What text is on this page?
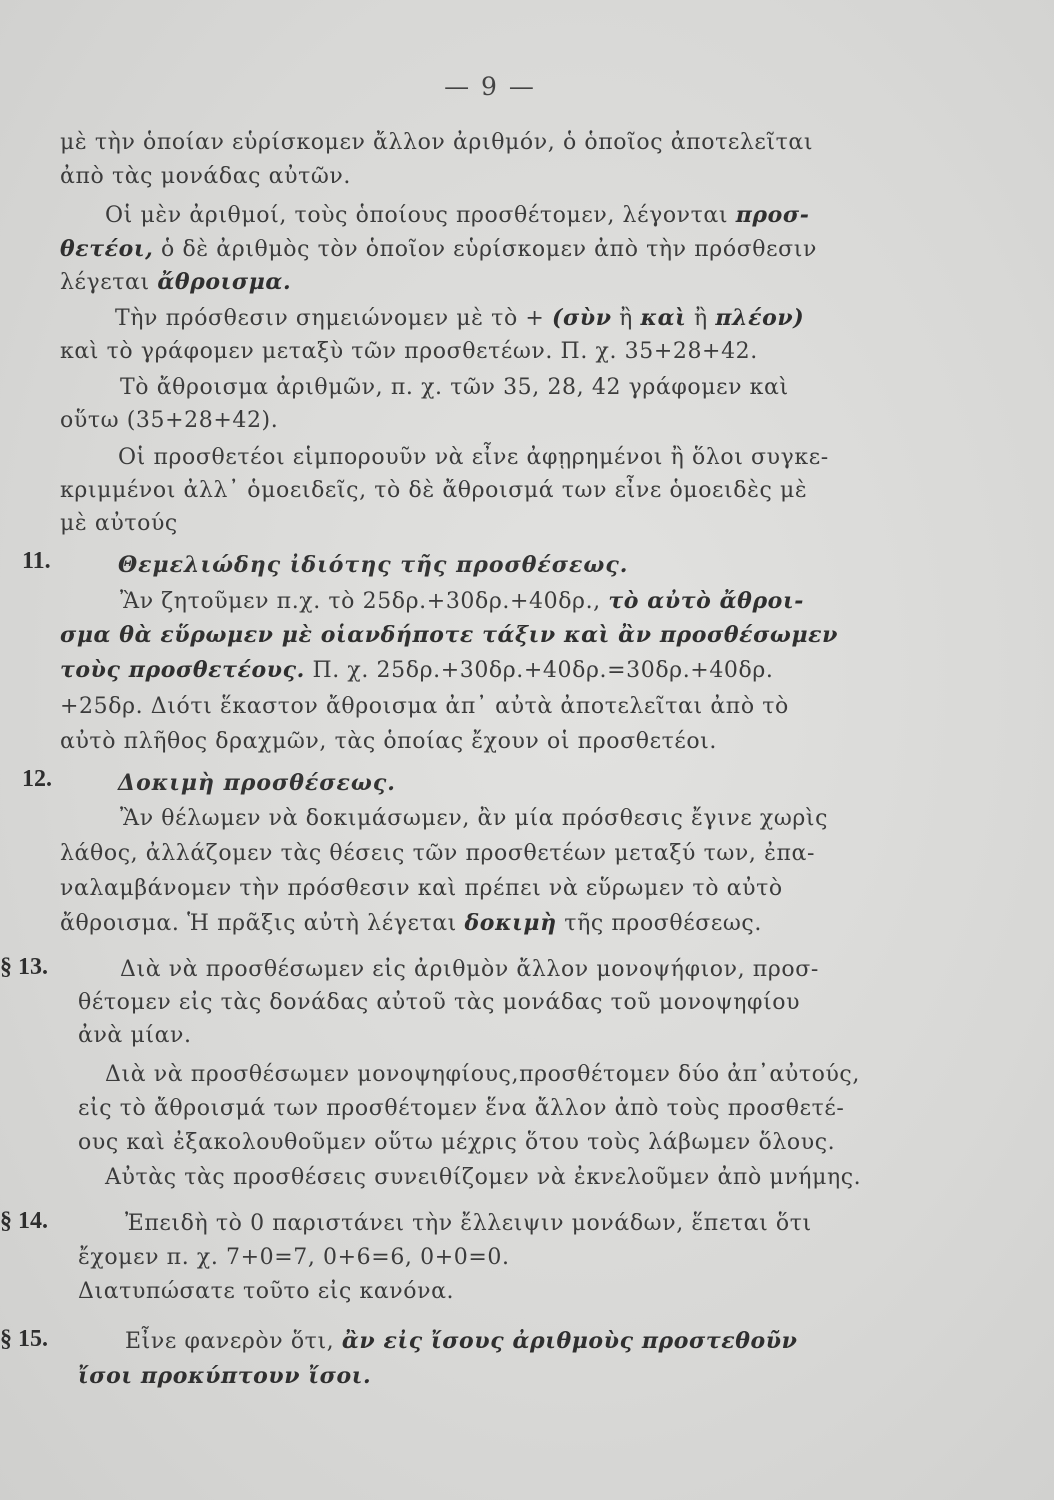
— 9 —
μὲ τὴν ὁποίαν εὑρίσκομεν ἄλλον ἀριθμόν, ὁ ὁποῖος ἀποτελεῖται
ἀπὸ τὰς μονάδας αὐτῶν.
Οἱ μὲν ἀριθμοί, τοὺς ὁποίους προσθέτομεν, λέγονται προσ-
θετέοι, ὁ δὲ ἀριθμὸς τὸν ὁποῖον εὑρίσκομεν ἀπὸ τὴν πρόσθεσιν
λέγεται ἄθροισμα.
Τὴν πρόσθεσιν σημειώνομεν μὲ τὸ + (σὺν ἢ καὶ ἢ πλέον)
καὶ τὸ γράφομεν μεταξὺ τῶν προσθετέων. Π. χ. 35+28+42.
Τὸ ἄθροισμα ἀριθμῶν, π. χ. τῶν 35, 28, 42 γράφομεν καὶ
οὕτω (35+28+42).
Οἱ προσθετέοι εἱμπορουῦν νὰ εἶνε ἀφῃρημένοι ἢ ὅλοι συγκε-
κριμμένοι ἀλλ᾿ ὁμοειδεῖς, τὸ δὲ ἄθροισμά των εἶνε ὁμοειδὲς μὲ
μὲ αὐτούς
11.	Θεμελιώδης ἰδιότης τῆς προσθέσεως.
Ἂν ζητοῦμεν π.χ. τὸ 25δρ.+30δρ.+40δρ., τὸ αὐτὸ ἄθροι-
σμα θὰ εὕρωμεν μὲ οἱανδήποτε τάξιν καὶ ἂν προσθέσωμεν
τοὺς προσθετέους. Π. χ. 25δρ.+30δρ.+40δρ.=30δρ.+40δρ.
+25δρ. Διότι ἕκαστον ἄθροισμα ἀπ᾿ αὐτὰ ἀποτελεῖται ἀπὸ τὸ
αὐτὸ πλῆθος δραχμῶν, τὰς ὁποίας ἔχουν οἱ προσθετέοι.
12.	Δοκιμὴ προσθέσεως.
Ἂν θέλωμεν νὰ δοκιμάσωμεν, ἂν μία πρόσθεσις ἔγινε χωρὶς
λάθος, ἀλλάζομεν τὰς θέσεις τῶν προσθετέων μεταξύ των, ἐπα-
ναλαμβάνομεν τὴν πρόσθεσιν καὶ πρέπει νὰ εὕρωμεν τὸ αὐτὸ
ἄθροισμα. Ἡ πρᾶξις αὐτὴ λέγεται δοκιμὴ τῆς προσθέσεως.
§ 13.	Διὰ νὰ προσθέσωμεν εἰς ἀριθμὸν ἄλλον μονοψήφιον, προσ-
θέτομεν εἰς τὰς δονάδας αὐτοῦ τὰς μονάδας τοῦ μονοψηφίου
ἀνὰ μίαν.
Διὰ νὰ προσθέσωμεν μονοψηφίους,προσθέτομεν δύο ἀπ᾿αὐτούς,
εἰς τὸ ἄθροισμά των προσθέτομεν ἕνα ἄλλον ἀπὸ τοὺς προσθετέ-
ους καὶ ἐξακολουθοῦμεν οὕτω μέχρις ὅτου τοὺς λάβωμεν ὅλους.
Αὐτὰς τὰς προσθέσεις συνειθίζομεν νὰ ἐκνελοῦμεν ἀπὸ μνήμης.
§ 14.	Ἐπειδὴ τὸ 0 παριστάνει τὴν ἔλλειψιν μονάδων, ἕπεται ὅτι
ἔχομεν π. χ. 7+0=7, 0+6=6, 0+0=0.
Διατυπώσατε τοῦτο εἰς κανόνα.
§ 15.	Εἶνε φανερὸν ὅτι, ἂν εἰς ἴσους ἀριθμοὺς προστεθοῦν
ἴσοι προκύπτουν ἴσοι.
